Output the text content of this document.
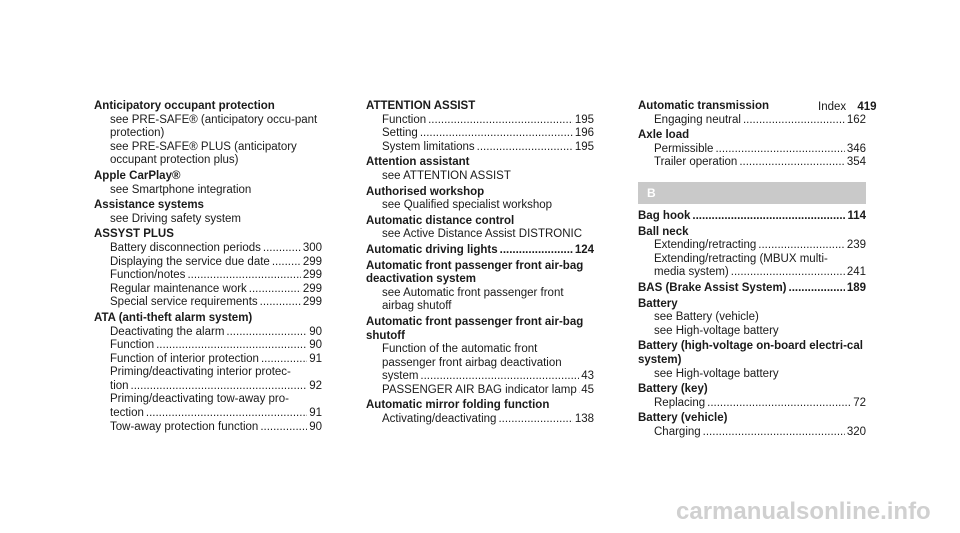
Index 419
Anticipatory occupant protection
see PRE-SAFE® (anticipatory occu-pant protection)
see PRE-SAFE® PLUS (anticipatory occupant protection plus)
Apple CarPlay®
see Smartphone integration
Assistance systems
see Driving safety system
ASSYST PLUS
Battery disconnection periods .....	300
Displaying the service due date .....	299
Function/notes .....	299
Regular maintenance work .....	299
Special service requirements .....	299
ATA (anti-theft alarm system)
Deactivating the alarm .....	90
Function .....	90
Function of interior protection .....	91
Priming/deactivating interior protec-
tion .....	92
Priming/deactivating tow-away pro-
tection .....	91
Tow-away protection function .....	90
ATTENTION ASSIST
Function .....	195
Setting .....	196
System limitations .....	195
Attention assistant
see ATTENTION ASSIST
Authorised workshop
see Qualified specialist workshop
Automatic distance control
see Active Distance Assist DISTRONIC
Automatic driving lights .....	124
Automatic front passenger front air-bag deactivation system
see Automatic front passenger front airbag shutoff
Automatic front passenger front air-bag shutoff
Function of the automatic front passenger front airbag deactivation
system .....	43
PASSENGER AIR BAG indicator lamp ..... 45
Automatic mirror folding function
Activating/deactivating .....	138
Automatic transmission
Engaging neutral .....	162
Axle load
Permissible .....	346
Trailer operation .....	354
B
Bag hook .....	114
Ball neck
Extending/retracting .....	239
Extending/retracting (MBUX multi-
media system) .....	241
BAS (Brake Assist System) .....	189
Battery
see Battery (vehicle)
see High-voltage battery
Battery (high-voltage on-board electri-cal system)
see High-voltage battery
Battery (key)
Replacing .....	72
Battery (vehicle)
Charging .....	320
carmanualsonline.info
